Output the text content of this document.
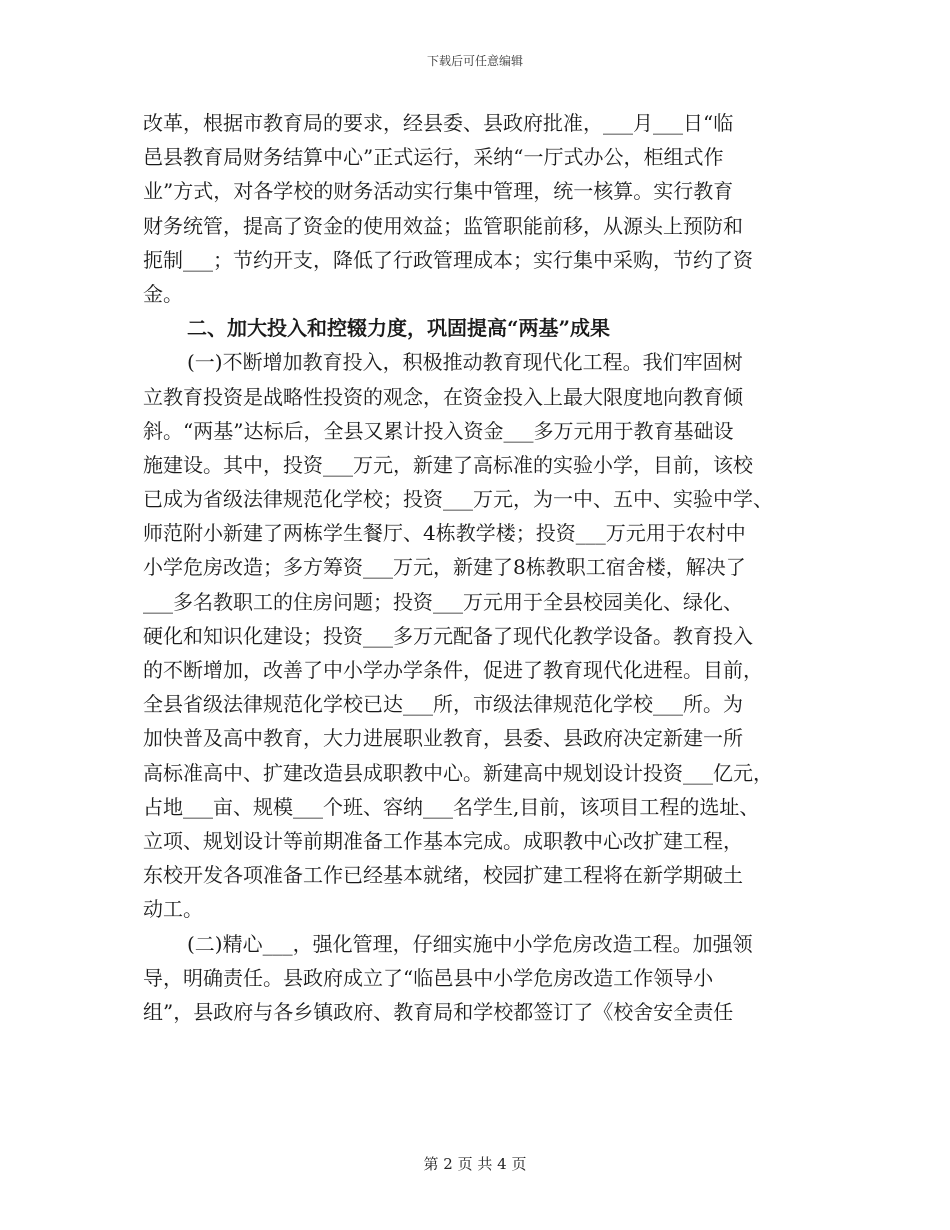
下载后可任意编辑
改革，根据市教育局的要求，经县委、县政府批准，___月___日“临
邑县教育局财务结算中心”正式运行，采纳“一厅式办公，柜组式作
业”方式，对各学校的财务活动实行集中管理，统一核算。实行教育
财务统管，提高了资金的使用效益；监管职能前移，从源头上预防和
扼制___；节约开支，降低了行政管理成本；实行集中采购，节约了资
金。
二、加大投入和控辍力度，巩固提高“两基”成果
(一)不断增加教育投入，积极推动教育现代化工程。我们牢固树
立教育投资是战略性投资的观念，在资金投入上最大限度地向教育倾
斜。“两基”达标后，全县又累计投入资金___多万元用于教育基础设
施建设。其中，投资___万元，新建了高标准的实验小学，目前，该校
已成为省级法律规范化学校；投资___万元，为一中、五中、实验中学、
师范附小新建了两栋学生餐厅、4栋教学楼；投资___万元用于农村中
小学危房改造；多方筹资___万元，新建了8栋教职工宿舍楼，解决了
___多名教职工的住房问题；投资___万元用于全县校园美化、绿化、
硬化和知识化建设；投资___多万元配备了现代化教学设备。教育投入
的不断增加，改善了中小学办学条件，促进了教育现代化进程。目前，
全县省级法律规范化学校已达___所，市级法律规范化学校___所。为
加快普及高中教育，大力进展职业教育，县委、县政府决定新建一所
高标准高中、扩建改造县成职教中心。新建高中规划设计投资___亿元，
占地___亩、规模___个班、容纳___名学生,目前，该项目工程的选址、
立项、规划设计等前期准备工作基本完成。成职教中心改扩建工程，
东校开发各项准备工作已经基本就绪，校园扩建工程将在新学期破土
动工。
(二)精心___，强化管理，仔细实施中小学危房改造工程。加强领
导，明确责任。县政府成立了“临邑县中小学危房改造工作领导小
组”，县政府与各乡镇政府、教育局和学校都签订了《校舍安全责任
第 2 页 共 4 页
